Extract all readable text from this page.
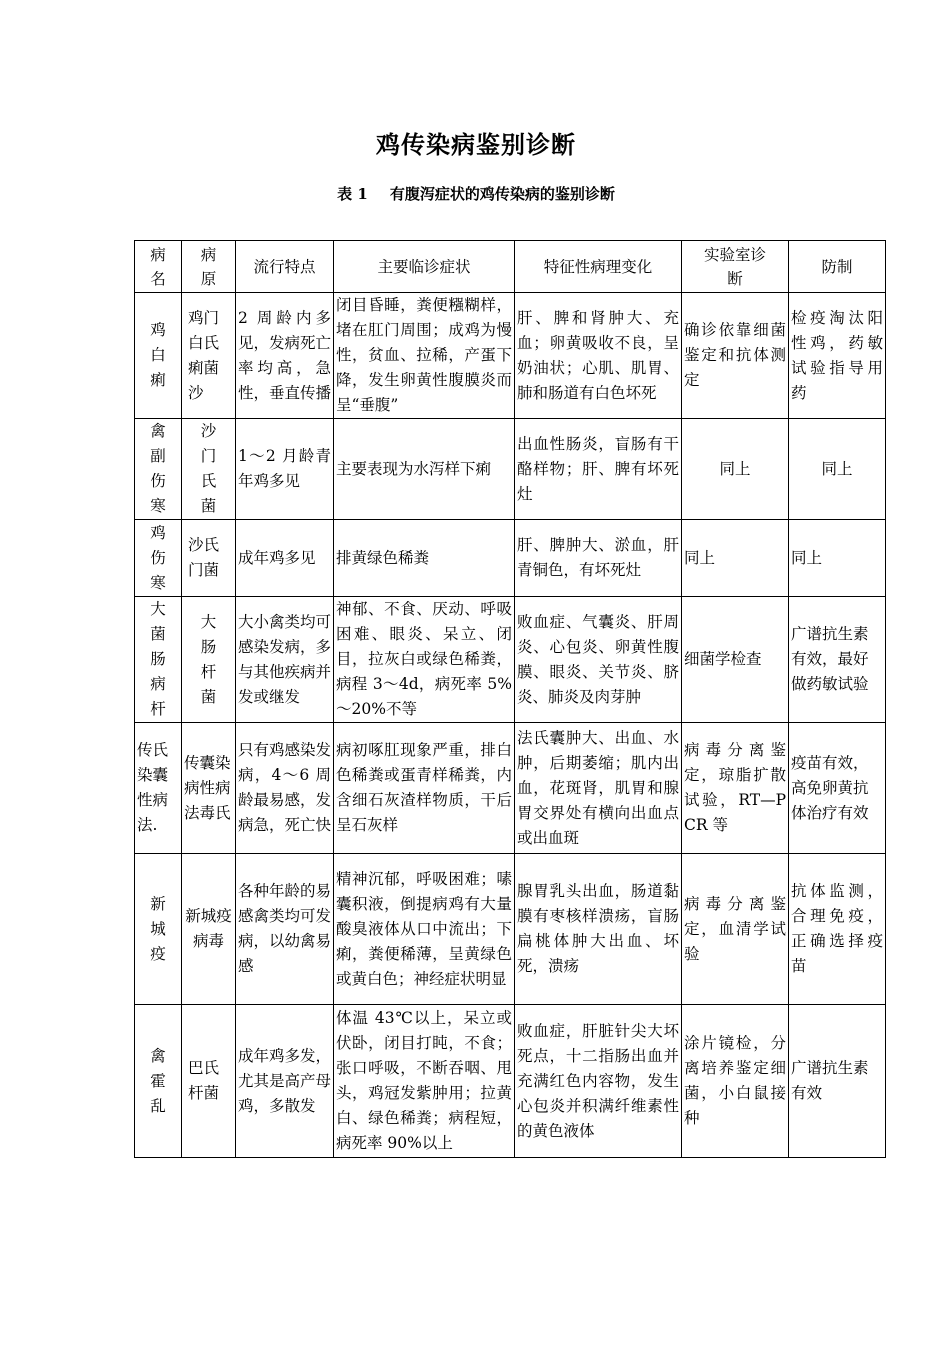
鸡传染病鉴别诊断
表 1 有腹泻症状的鸡传染病的鉴别诊断
病名	病原	流行特点	主要临诊症状	特征性病理变化	实验室诊　断	防制
鸡白痢	鸡门白氏痢菌沙	2 周龄内多见，发病死亡率均高，急性，垂直传播	闭目昏睡，粪便糨糊样，堵在肛门周围；成鸡为慢性，贫血、拉稀，产蛋下降，发生卵黄性腹膜炎而呈“垂腹”	肝、脾和肾肿大、充血；卵黄吸收不良，呈奶油状；心肌、肌胃、肺和肠道有白色坏死	确诊依靠细菌鉴定和抗体测定	检疫淘汰阳性鸡，药敏试验指导用药
禽副伤寒	沙门氏菌	1～2 月龄青年鸡多见	主要表现为水泻样下痢	出血性肠炎，盲肠有干酪样物；肝、脾有坏死灶	同上	同上
鸡伤寒	沙氏门菌	成年鸡多见	排黄绿色稀粪	肝、脾肿大、淤血，肝青铜色，有坏死灶	同上	同上
大菌肠病杆	大肠杆菌	大小禽类均可感染发病，多与其他疾病并发或继发	神郁、不食、厌动、呼吸困难、眼炎、呆立、闭目，拉灰白或绿色稀粪，病程 3～4d，病死率 5%～20%不等	败血症、气囊炎、肝周炎、心包炎、卵黄性腹膜、眼炎、关节炎、脐炎、肺炎及肉芽肿	细菌学检查	广谱抗生素有效，最好做药敏试验
传氏染囊性病法.	传囊染病性病法毒氏	只有鸡感染发病，4～6 周龄最易感，发病急，死亡快	病初啄肛现象严重，排白色稀粪或蛋青样稀粪，内含细石灰渣样物质，干后呈石灰样	法氏囊肿大、出血、水肿，后期萎缩；肌内出血，花斑肾，肌胃和腺胃交界处有横向出血点或出血斑	病毒分离鉴定，琼脂扩散试验，RT—PCR 等	疫苗有效，高免卵黄抗体治疗有效
新城疫	新城疫病毒	各种年龄的易感禽类均可发病，以幼禽易感	精神沉郁，呼吸困难；嗉囊积液，倒提病鸡有大量酸臭液体从口中流出；下痢，粪便稀薄，呈黄绿色或黄白色；神经症状明显	腺胃乳头出血，肠道黏膜有枣核样溃疡，盲肠扁桃体肿大出血、坏死，溃疡	病毒分离鉴定，血清学试验	抗体监测，合理免疫，正确选择疫苗
禽霍乱	巴氏杆菌	成年鸡多发，尤其是高产母鸡，多散发	体温 43℃以上，呆立或伏卧，闭目打盹，不食；张口呼吸，不断吞咽、甩头，鸡冠发紫肿用；拉黄白、绿色稀粪；病程短，病死率 90%以上	败血症，肝脏针尖大坏死点，十二指肠出血并充满红色内容物，发生心包炎并积满纤维素性的黄色液体	涂片镜检，分离培养鉴定细菌，小白鼠接种	广谱抗生素有效
